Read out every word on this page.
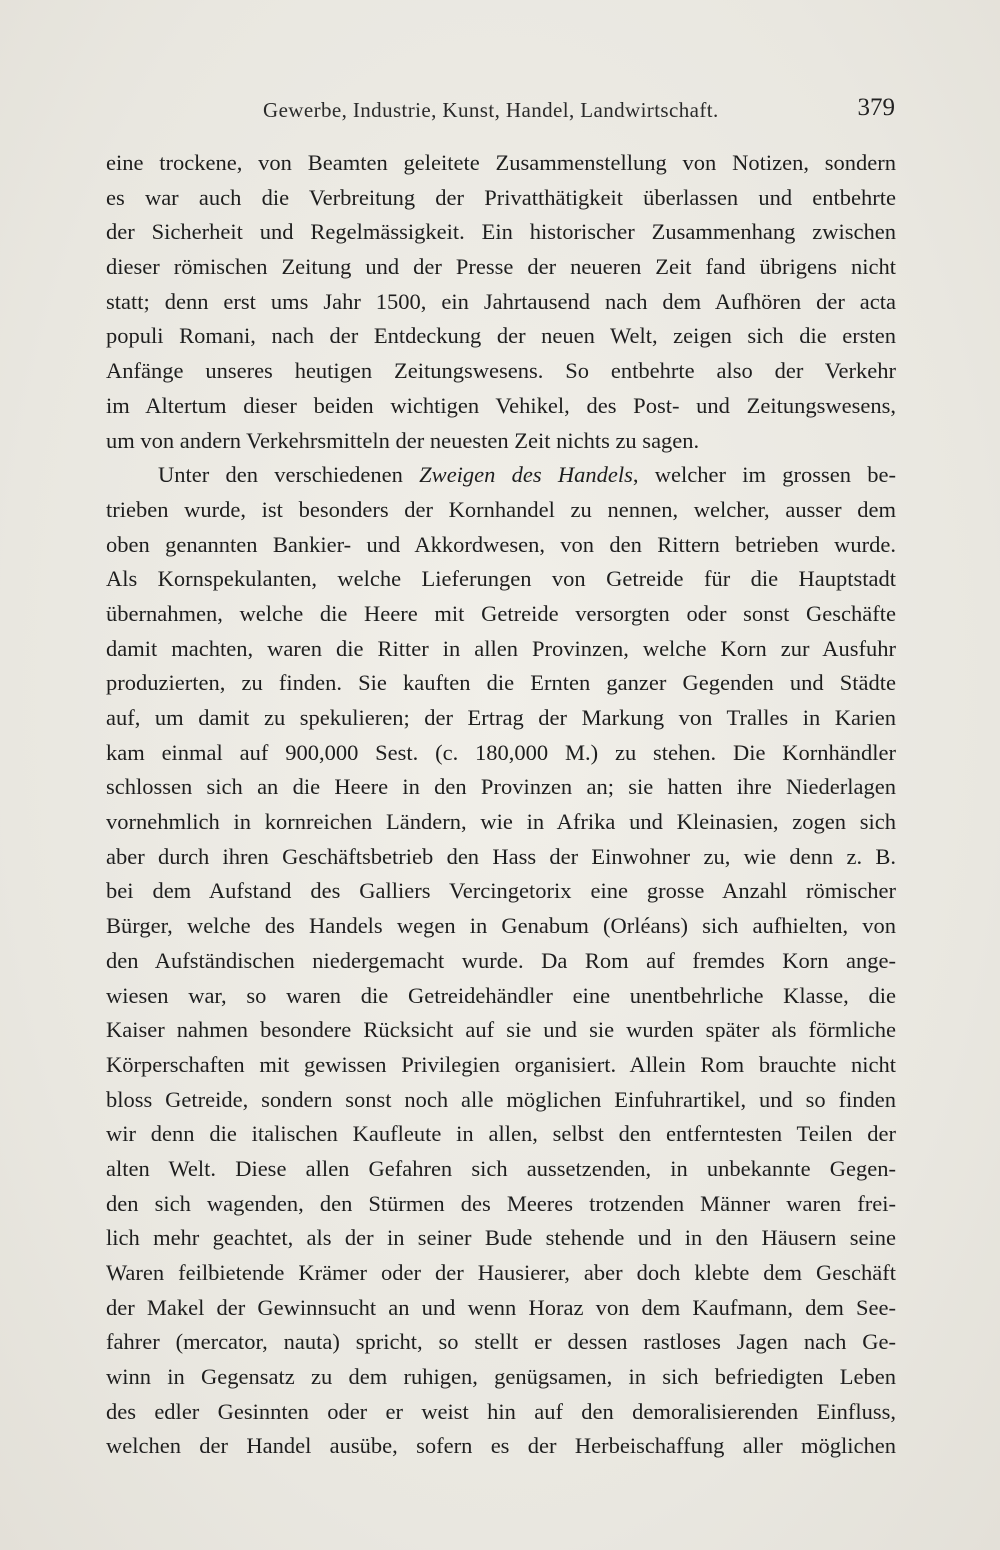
Gewerbe, Industrie, Kunst, Handel, Landwirtschaft.	379
eine trockene, von Beamten geleitete Zusammenstellung von Notizen, sondern
es war auch die Verbreitung der Privatthätigkeit überlassen und entbehrte
der Sicherheit und Regelmässigkeit. Ein historischer Zusammenhang zwischen
dieser römischen Zeitung und der Presse der neueren Zeit fand übrigens nicht
statt; denn erst ums Jahr 1500, ein Jahrtausend nach dem Aufhören der acta
populi Romani, nach der Entdeckung der neuen Welt, zeigen sich die ersten
Anfänge unseres heutigen Zeitungswesens. So entbehrte also der Verkehr
im Altertum dieser beiden wichtigen Vehikel, des Post- und Zeitungswesens,
um von andern Verkehrsmitteln der neuesten Zeit nichts zu sagen.
Unter den verschiedenen Zweigen des Handels, welcher im grossen be-
trieben wurde, ist besonders der Kornhandel zu nennen, welcher, ausser dem
oben genannten Bankier- und Akkordwesen, von den Rittern betrieben wurde.
Als Kornspekulanten, welche Lieferungen von Getreide für die Hauptstadt
übernahmen, welche die Heere mit Getreide versorgten oder sonst Geschäfte
damit machten, waren die Ritter in allen Provinzen, welche Korn zur Ausfuhr
produzierten, zu finden. Sie kauften die Ernten ganzer Gegenden und Städte
auf, um damit zu spekulieren; der Ertrag der Markung von Tralles in Karien
kam einmal auf 900,000 Sest. (c. 180,000 M.) zu stehen. Die Kornhändler
schlossen sich an die Heere in den Provinzen an; sie hatten ihre Niederlagen
vornehmlich in kornreichen Ländern, wie in Afrika und Kleinasien, zogen sich
aber durch ihren Geschäftsbetrieb den Hass der Einwohner zu, wie denn z. B.
bei dem Aufstand des Galliers Vercingetorix eine grosse Anzahl römischer
Bürger, welche des Handels wegen in Genabum (Orléans) sich aufhielten, von
den Aufständischen niedergemacht wurde. Da Rom auf fremdes Korn ange-
wiesen war, so waren die Getreidehändler eine unentbehrliche Klasse, die
Kaiser nahmen besondere Rücksicht auf sie und sie wurden später als förmliche
Körperschaften mit gewissen Privilegien organisiert. Allein Rom brauchte nicht
bloss Getreide, sondern sonst noch alle möglichen Einfuhrartikel, und so finden
wir denn die italischen Kaufleute in allen, selbst den entferntesten Teilen der
alten Welt. Diese allen Gefahren sich aussetzenden, in unbekannte Gegen-
den sich wagenden, den Stürmen des Meeres trotzenden Männer waren frei-
lich mehr geachtet, als der in seiner Bude stehende und in den Häusern seine
Waren feilbietende Krämer oder der Hausierer, aber doch klebte dem Geschäft
der Makel der Gewinnsucht an und wenn Horaz von dem Kaufmann, dem See-
fahrer (mercator, nauta) spricht, so stellt er dessen rastloses Jagen nach Ge-
winn in Gegensatz zu dem ruhigen, genügsamen, in sich befriedigten Leben
des edler Gesinnten oder er weist hin auf den demoralisierenden Einfluss,
welchen der Handel ausübe, sofern es der Herbeischaffung aller möglichen
